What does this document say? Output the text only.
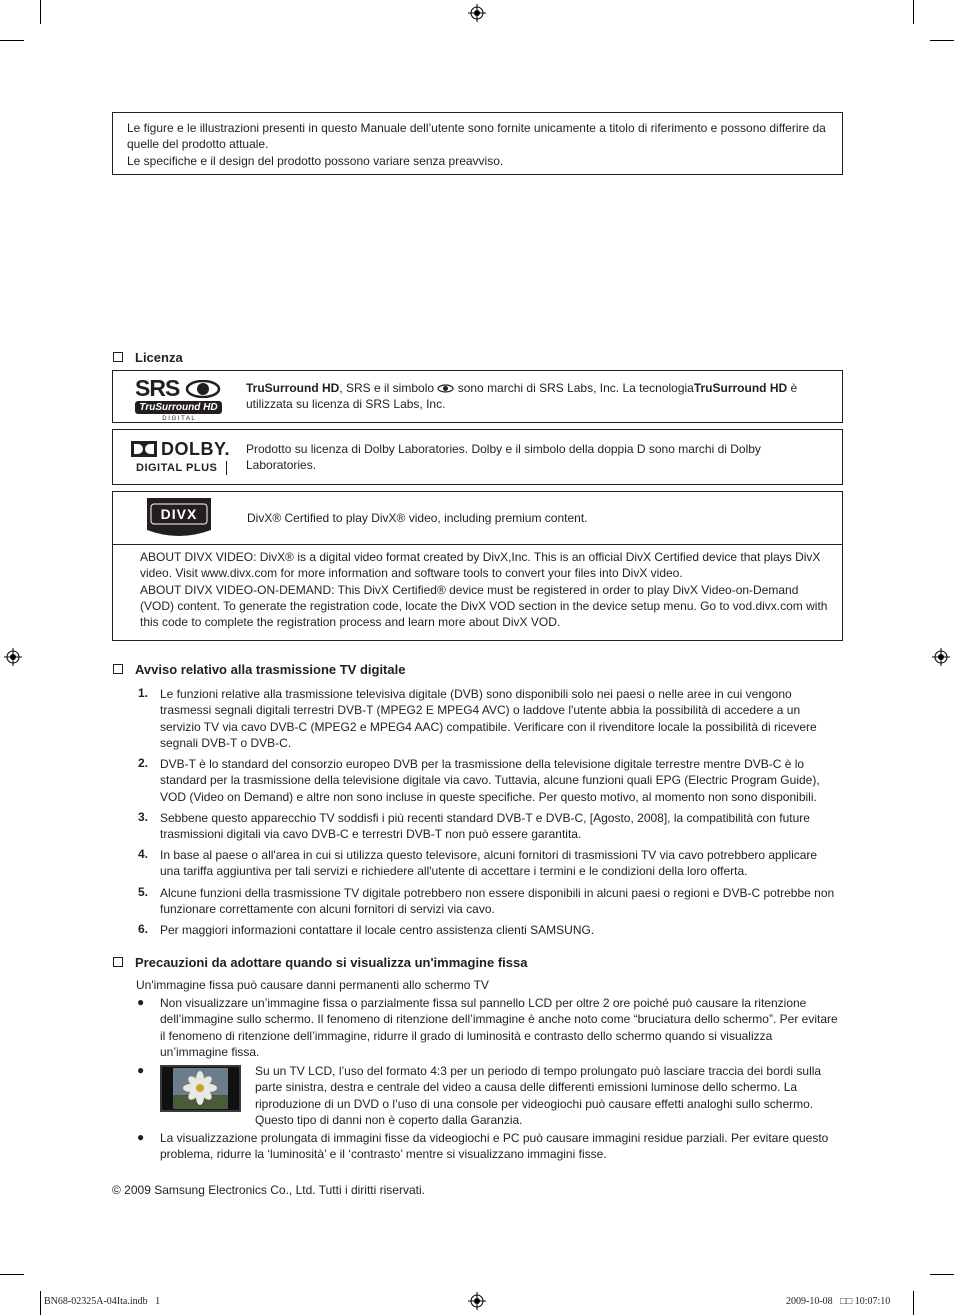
Le figure e le illustrazioni presenti in questo Manuale dell’utente sono fornite unicamente a titolo di riferimento e possono differire da quelle del prodotto attuale.
Le specifiche e il design del prodotto possono variare senza preavviso.
Licenza
SRS
TruSurround HD
D I G I T A L
TruSurround HD, SRS e il simbolo  sono marchi di SRS Labs, Inc. La tecnologiaTruSurround HD è utilizzata su licenza di SRS Labs, Inc.
DOLBY.
DIGITAL PLUS
Prodotto su licenza di Dolby Laboratories. Dolby e il simbolo della doppia D sono marchi di Dolby Laboratories.
DIVX	DivX® Certified to play DivX® video, including premium content.
ABOUT DIVX VIDEO: DivX® is a digital video format created by DivX,Inc. This is an official DivX Certified device that plays DivX video. Visit www.divx.com for more information and software tools to convert your files into DivX video.
ABOUT DIVX VIDEO-ON-DEMAND: This DivX Certified® device must be registered in order to play DivX Video-on-Demand (VOD) content. To generate the registration code, locate the DivX VOD section in the device setup menu. Go to vod.divx.com with this code to complete the registration process and learn more about DivX VOD.
Avviso relativo alla trasmissione TV digitale
1. Le funzioni relative alla trasmissione televisiva digitale (DVB) sono disponibili solo nei paesi o nelle aree in cui vengono trasmessi segnali digitali terrestri DVB-T (MPEG2 E MPEG4 AVC) o laddove l'utente abbia la possibilità di accedere a un servizio TV via cavo DVB-C (MPEG2 e MPEG4 AAC) compatibile. Verificare con il rivenditore locale la possibilità di ricevere segnali DVB-T o DVB-C.
2. DVB-T è lo standard del consorzio europeo DVB per la trasmissione della televisione digitale terrestre mentre DVB-C è lo standard per la trasmissione della televisione digitale via cavo. Tuttavia, alcune funzioni quali EPG (Electric Program Guide), VOD (Video on Demand) e altre non sono incluse in queste specifiche. Per questo motivo, al momento non sono disponibili.
3. Sebbene questo apparecchio TV soddisfi i più recenti standard DVB-T e DVB-C, [Agosto, 2008], la compatibilità con future trasmissioni digitali via cavo DVB-C e terrestri DVB-T non può essere garantita.
4. In base al paese o all'area in cui si utilizza questo televisore, alcuni fornitori di trasmissioni TV via cavo potrebbero applicare una tariffa aggiuntiva per tali servizi e richiedere all'utente di accettare i termini e le condizioni della loro offerta.
5. Alcune funzioni della trasmissione TV digitale potrebbero non essere disponibili in alcuni paesi o regioni e DVB-C potrebbe non funzionare correttamente con alcuni fornitori di servizi via cavo.
6. Per maggiori informazioni contattare il locale centro assistenza clienti SAMSUNG.
Precauzioni da adottare quando si visualizza un'immagine fissa
Un'immagine fissa può causare danni permanenti allo schermo TV
● Non visualizzare un’immagine fissa o parzialmente fissa sul pannello LCD per oltre 2 ore poiché può causare la ritenzione dell’immagine sullo schermo. Il fenomeno di ritenzione dell’immagine è anche noto come “bruciatura dello schermo”. Per evitare il fenomeno di ritenzione dell’immagine, ridurre il grado di luminosità e contrasto dello schermo quando si visualizza un’immagine fissa.
●	Su un TV LCD, l’uso del formato 4:3 per un periodo di tempo prolungato può lasciare traccia dei bordi sulla parte sinistra, destra e centrale del video a causa delle differenti emissioni luminose dello schermo. La riproduzione di un DVD o l’uso di una console per videogiochi può causare effetti analoghi sullo schermo. Questo tipo di danni non è coperto dalla Garanzia.
● La visualizzazione prolungata di immagini fisse da videogiochi e PC può causare immagini residue parziali. Per evitare questo problema, ridurre la ‘luminosità’ e il ‘contrasto’ mentre si visualizzano immagini fisse.
© 2009 Samsung Electronics Co., Ltd. Tutti i diritti riservati.
BN68-02325A-04Ita.indb   1	2009-10-08   □□ 10:07:10
